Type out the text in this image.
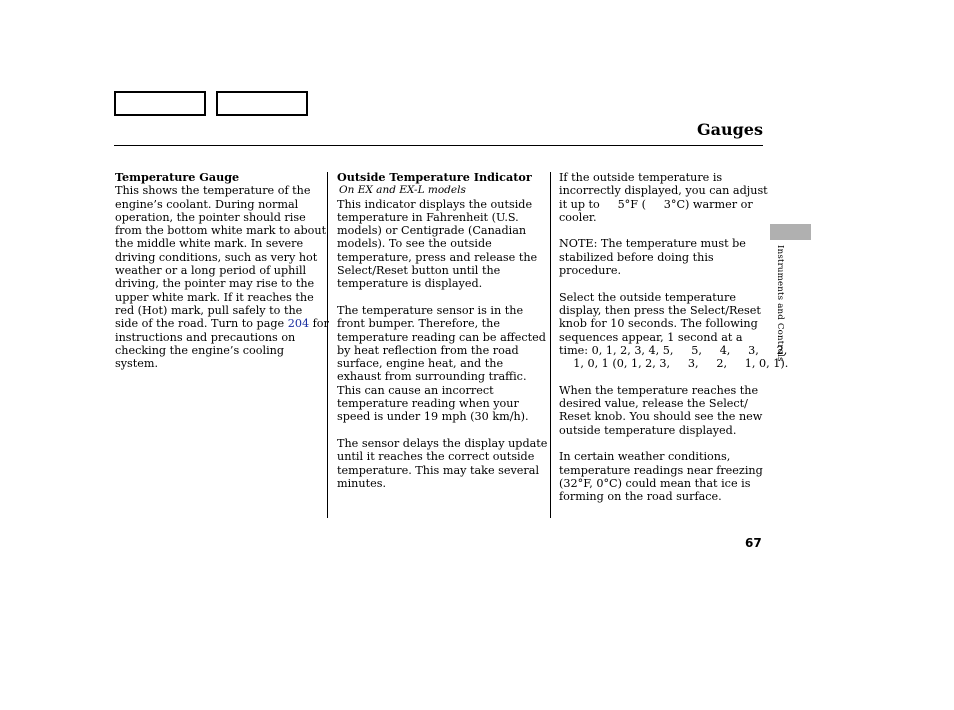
Gauges
Temperature Gauge
This shows the temperature of the
engine’s coolant. During normal
operation, the pointer should rise
from the bottom white mark to about
the middle white mark. In severe
driving conditions, such as very hot
weather or a long period of uphill
driving, the pointer may rise to the
upper white mark. If it reaches the
red (Hot) mark, pull safely to the
side of the road. Turn to page 204 for
instructions and precautions on
checking the engine’s cooling
system.
Outside Temperature Indicator
On EX and EX-L models
This indicator displays the outside
temperature in Fahrenheit (U.S.
models) or Centigrade (Canadian
models). To see the outside
temperature, press and release the
Select/Reset button until the
temperature is displayed.
The temperature sensor is in the
front bumper. Therefore, the
temperature reading can be affected
by heat reflection from the road
surface, engine heat, and the
exhaust from surrounding traffic.
This can cause an incorrect
temperature reading when your
speed is under 19 mph (30 km/h).
The sensor delays the display update
until it reaches the correct outside
temperature. This may take several
minutes.
If the outside temperature is
incorrectly displayed, you can adjust
it up to     5°F (     3°C) warmer or
cooler.
NOTE: The temperature must be
stabilized before doing this
procedure.
Select the outside temperature
display, then press the Select/Reset
knob for 10 seconds. The following
sequences appear, 1 second at a
time: 0, 1, 2, 3, 4, 5,     5,     4,     3,     2,
1, 0, 1 (0, 1, 2, 3,     3,     2,     1, 0, 1).
When the temperature reaches the
desired value, release the Select/
Reset knob. You should see the new
outside temperature displayed.
In certain weather conditions,
temperature readings near freezing
(32°F, 0°C) could mean that ice is
forming on the road surface.
Instruments and Controls
67
